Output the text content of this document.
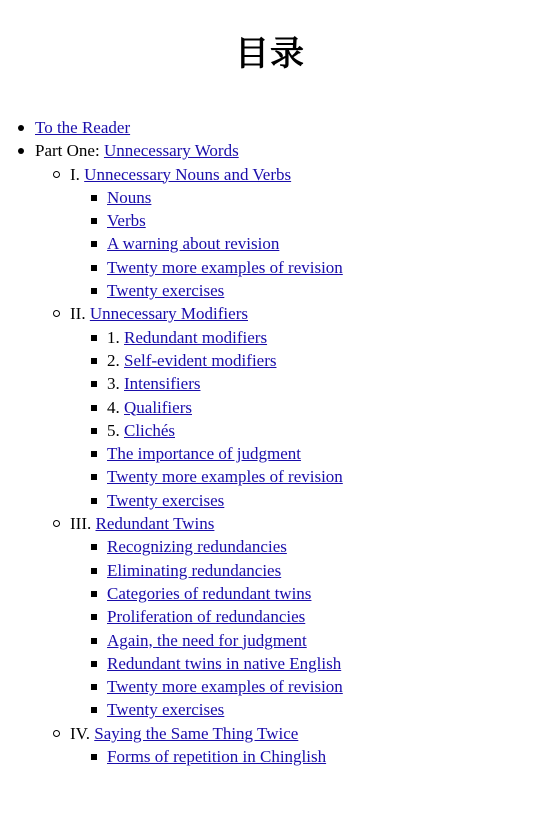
目录
To the Reader
Part One: Unnecessary Words
I. Unnecessary Nouns and Verbs
Nouns
Verbs
A warning about revision
Twenty more examples of revision
Twenty exercises
II. Unnecessary Modifiers
1. Redundant modifiers
2. Self-evident modifiers
3. Intensifiers
4. Qualifiers
5. Clichés
The importance of judgment
Twenty more examples of revision
Twenty exercises
III. Redundant Twins
Recognizing redundancies
Eliminating redundancies
Categories of redundant twins
Proliferation of redundancies
Again, the need for judgment
Redundant twins in native English
Twenty more examples of revision
Twenty exercises
IV. Saying the Same Thing Twice
Forms of repetition in Chinglish
